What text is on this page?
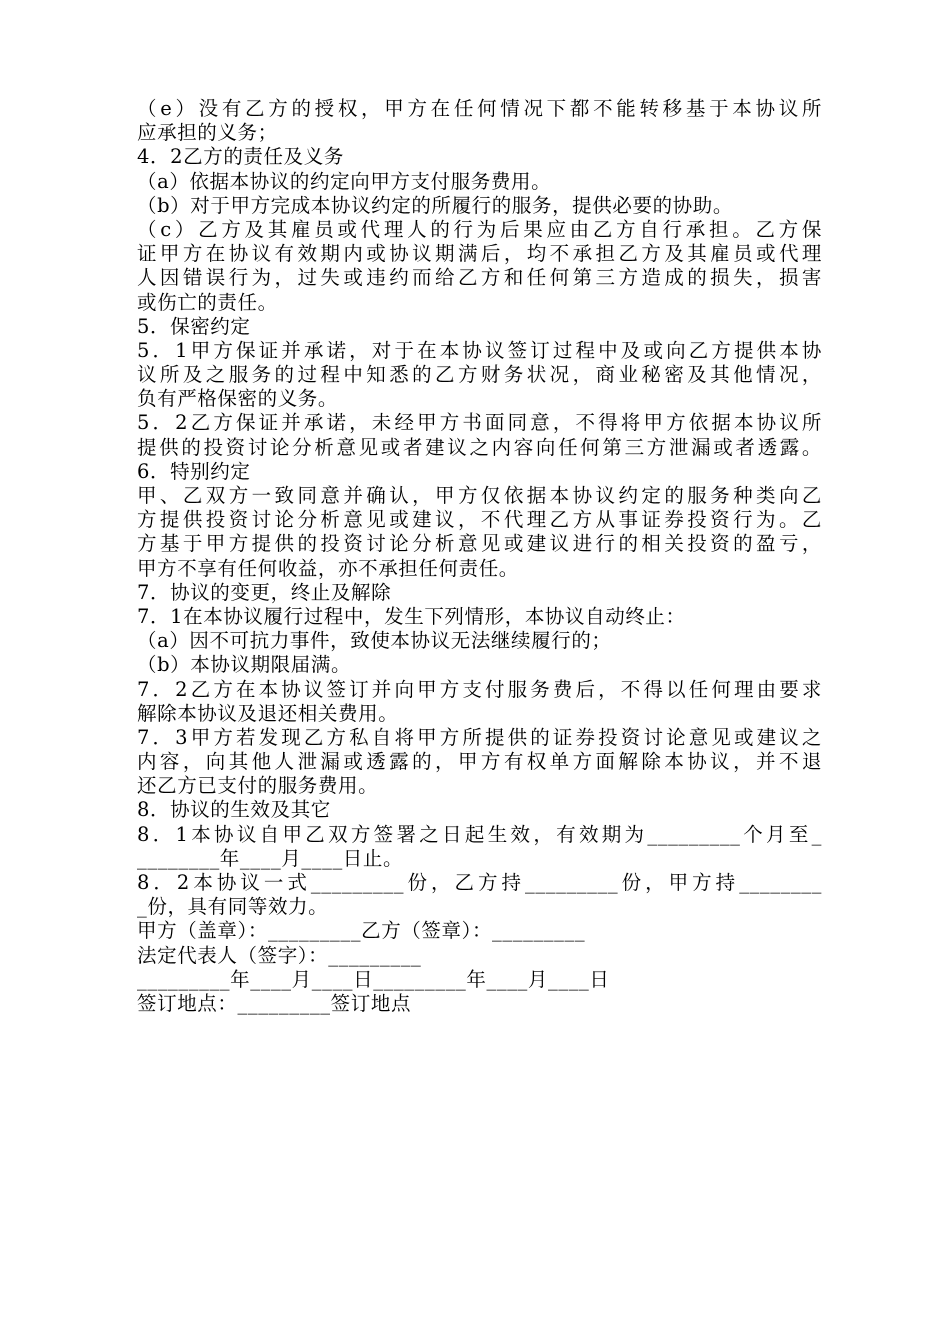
（e）没有乙方的授权，甲方在任何情况下都不能转移基于本协议所
应承担的义务；
4．2乙方的责任及义务
（a）依据本协议的约定向甲方支付服务费用。
（b）对于甲方完成本协议约定的所履行的服务，提供必要的协助。
（c）乙方及其雇员或代理人的行为后果应由乙方自行承担。乙方保
证甲方在协议有效期内或协议期满后，均不承担乙方及其雇员或代理
人因错误行为，过失或违约而给乙方和任何第三方造成的损失，损害
或伤亡的责任。
5．保密约定
5．1甲方保证并承诺，对于在本协议签订过程中及或向乙方提供本协
议所及之服务的过程中知悉的乙方财务状况，商业秘密及其他情况，
负有严格保密的义务。
5．2乙方保证并承诺，未经甲方书面同意，不得将甲方依据本协议所
提供的投资讨论分析意见或者建议之内容向任何第三方泄漏或者透露。
6．特别约定
甲、乙双方一致同意并确认，甲方仅依据本协议约定的服务种类向乙
方提供投资讨论分析意见或建议，不代理乙方从事证券投资行为。乙
方基于甲方提供的投资讨论分析意见或建议进行的相关投资的盈亏，
甲方不享有任何收益，亦不承担任何责任。
7．协议的变更，终止及解除
7．1在本协议履行过程中，发生下列情形，本协议自动终止：
（a）因不可抗力事件，致使本协议无法继续履行的；
（b）本协议期限届满。
7．2乙方在本协议签订并向甲方支付服务费后，不得以任何理由要求
解除本协议及退还相关费用。
7．3甲方若发现乙方私自将甲方所提供的证券投资讨论意见或建议之
内容，向其他人泄漏或透露的，甲方有权单方面解除本协议，并不退
还乙方已支付的服务费用。
8．协议的生效及其它
8．1本协议自甲乙双方签署之日起生效，有效期为_________个月至_
________年____月____日止。
8．2本协议一式_________份，乙方持_________份，甲方持________
_份，具有同等效力。
甲方（盖章）：_________乙方（签章）：_________
法定代表人（签字）：_________
_________年____月____日_________年____月____日
签订地点：_________签订地点
